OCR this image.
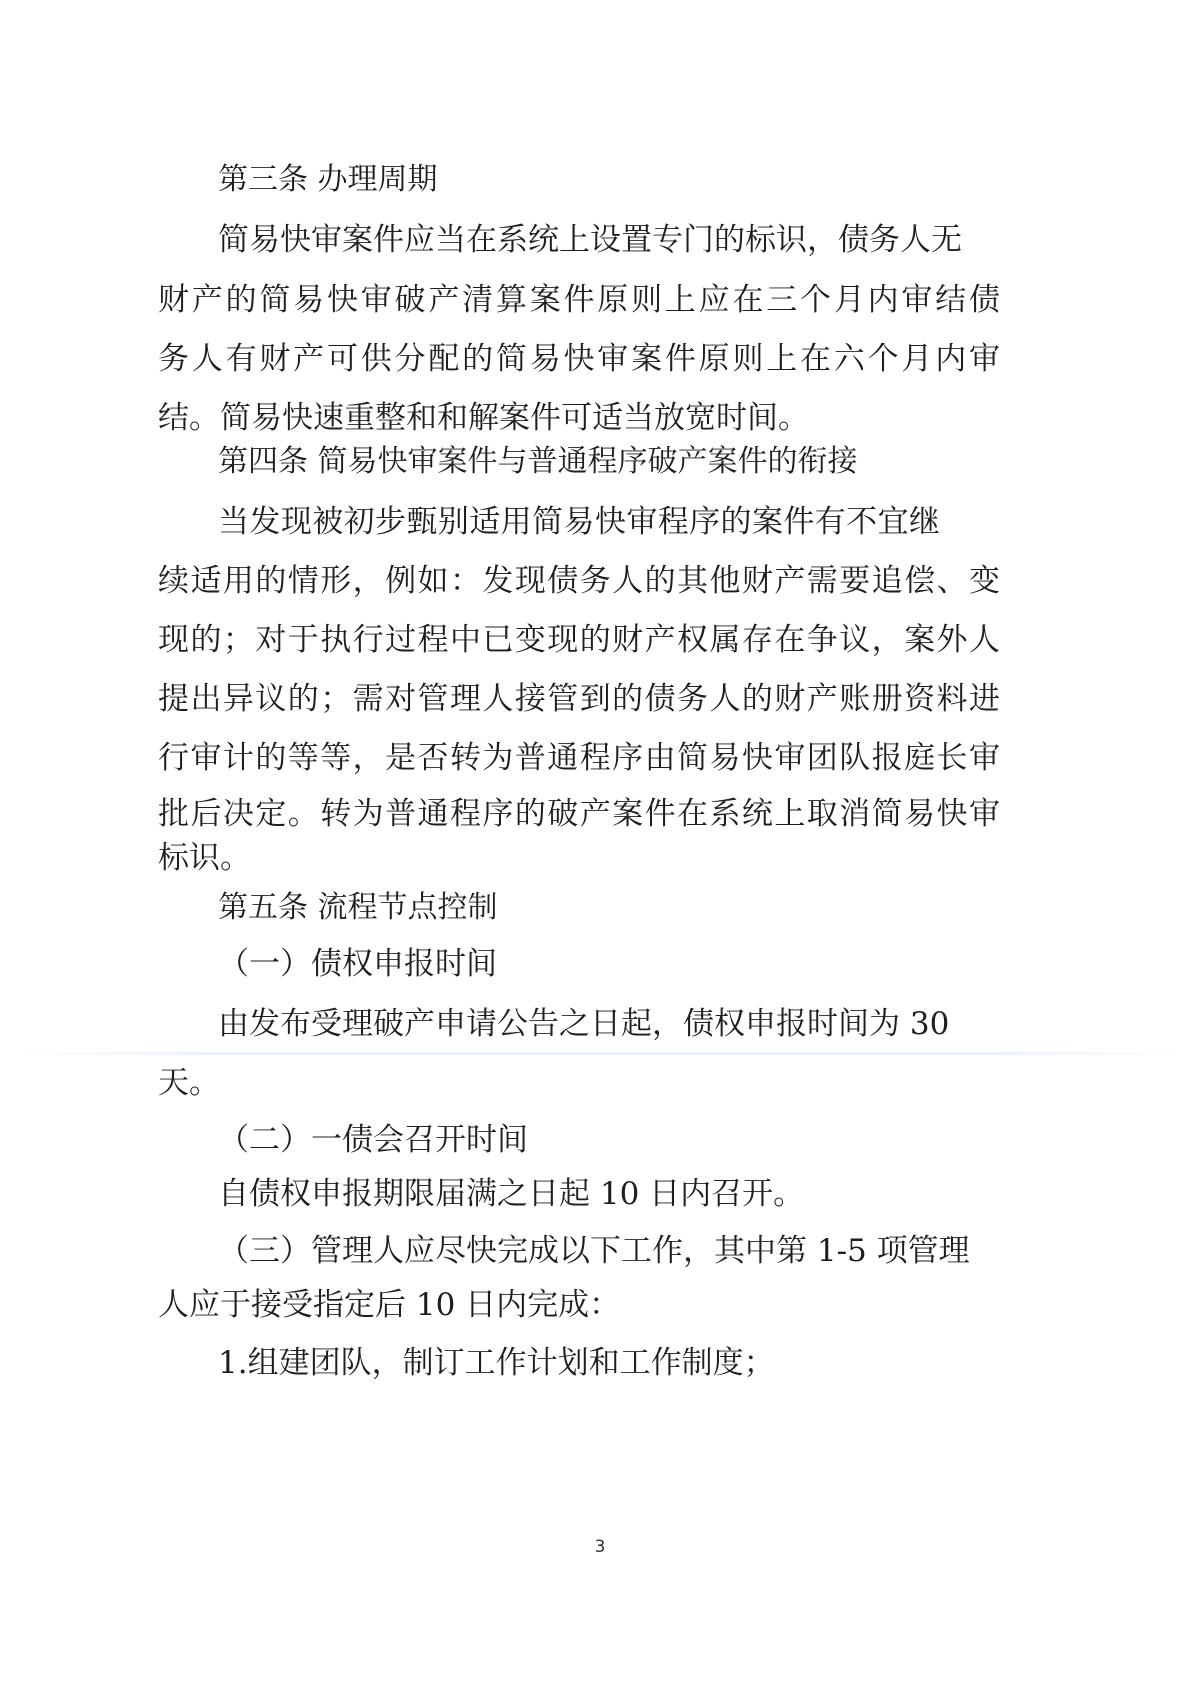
第三条 办理周期
简易快审案件应当在系统上设置专门的标识，债务人无
财产的简易快审破产清算案件原则上应在三个月内审结债
务人有财产可供分配的简易快审案件原则上在六个月内审
结。简易快速重整和和解案件可适当放宽时间。
第四条 简易快审案件与普通程序破产案件的衔接
当发现被初步甄别适用简易快审程序的案件有不宜继
续适用的情形，例如：发现债务人的其他财产需要追偿、变
现的；对于执行过程中已变现的财产权属存在争议，案外人
提出异议的；需对管理人接管到的债务人的财产账册资料进
行审计的等等，是否转为普通程序由简易快审团队报庭长审
批后决定。转为普通程序的破产案件在系统上取消简易快审
标识。
第五条 流程节点控制
（一）债权申报时间
由发布受理破产申请公告之日起，债权申报时间为 30
天。
（二）一债会召开时间
自债权申报期限届满之日起 10 日内召开。
（三）管理人应尽快完成以下工作，其中第 1-5 项管理
人应于接受指定后 10 日内完成：
1.组建团队，制订工作计划和工作制度；
3
